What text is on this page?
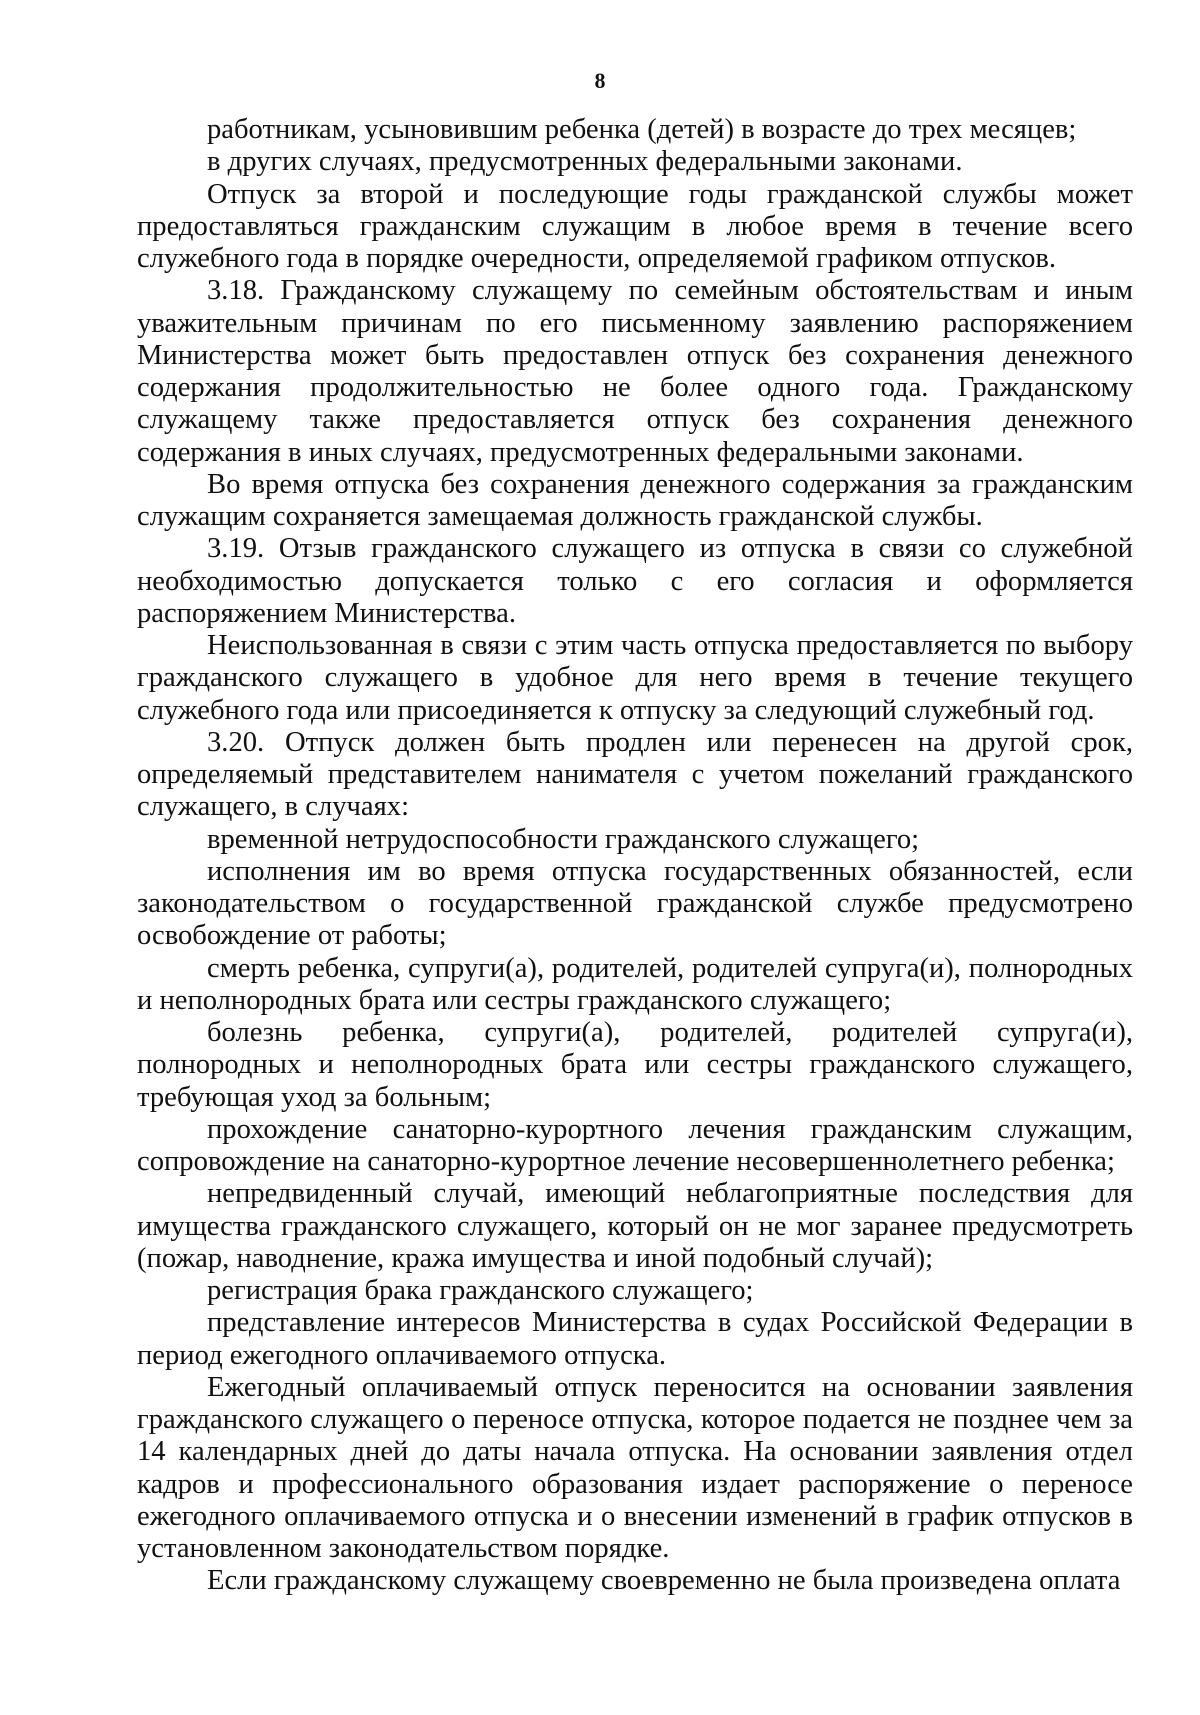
8

работникам, усыновившим ребенка (детей) в возрасте до трех месяцев;

в других случаях, предусмотренных федеральными законами.

Отпуск за второй и последующие годы гражданской службы может предоставляться гражданским служащим в любое время в течение всего служебного года в порядке очередности, определяемой графиком отпусков.

3.18. Гражданскому служащему по семейным обстоятельствам и иным уважительным причинам по его письменному заявлению распоряжением Министерства может быть предоставлен отпуск без сохранения денежного содержания продолжительностью не более одного года. Гражданскому служащему также предоставляется отпуск без сохранения денежного содержания в иных случаях, предусмотренных федеральными законами.

Во время отпуска без сохранения денежного содержания за гражданским служащим сохраняется замещаемая должность гражданской службы.

3.19. Отзыв гражданского служащего из отпуска в связи со служебной необходимостью допускается только с его согласия и оформляется распоряжением Министерства.

Неиспользованная в связи с этим часть отпуска предоставляется по выбору гражданского служащего в удобное для него время в течение текущего служебного года или присоединяется к отпуску за следующий служебный год.

3.20. Отпуск должен быть продлен или перенесен на другой срок, определяемый представителем нанимателя с учетом пожеланий гражданского служащего, в случаях:

временной нетрудоспособности гражданского служащего;

исполнения им во время отпуска государственных обязанностей, если законодательством о государственной гражданской службе предусмотрено освобождение от работы;

смерть ребенка, супруги(а), родителей, родителей супруга(и), полнородных и неполнородных брата или сестры гражданского служащего;

болезнь ребенка, супруги(а), родителей, родителей супруга(и), полнородных и неполнородных брата или сестры гражданского служащего, требующая уход за больным;

прохождение санаторно-курортного лечения гражданским служащим, сопровождение на санаторно-курортное лечение несовершеннолетнего ребенка;

непредвиденный случай, имеющий неблагоприятные последствия для имущества гражданского служащего, который он не мог заранее предусмотреть (пожар, наводнение, кража имущества и иной подобный случай);

регистрация брака гражданского служащего;

представление интересов Министерства в судах Российской Федерации в период ежегодного оплачиваемого отпуска.

Ежегодный оплачиваемый отпуск переносится на основании заявления гражданского служащего о переносе отпуска, которое подается не позднее чем за 14 календарных дней до даты начала отпуска. На основании заявления отдел кадров и профессионального образования издает распоряжение о переносе ежегодного оплачиваемого отпуска и о внесении изменений в график отпусков в установленном законодательством порядке.

Если гражданскому служащему своевременно не была произведена оплата
